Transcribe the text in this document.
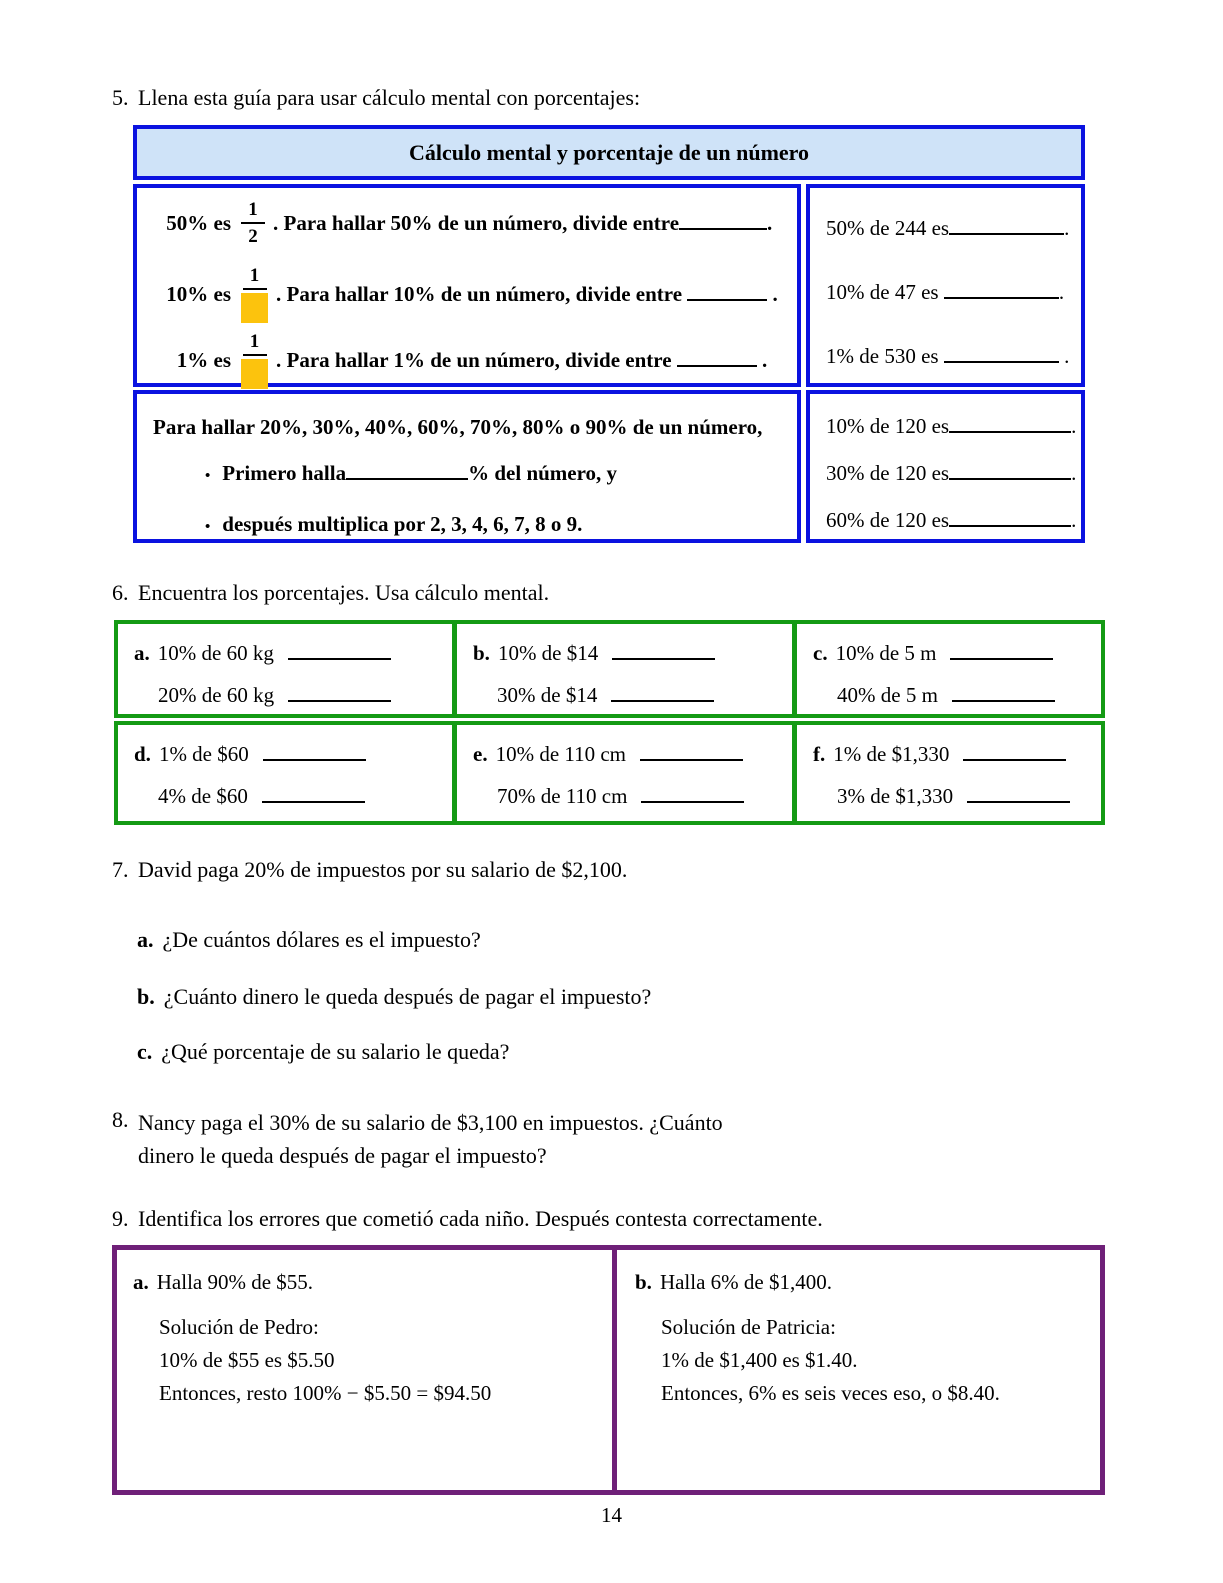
5. Llena esta guía para usar cálculo mental con porcentajes:
Cálculo mental y porcentaje de un número
50% es $\frac{1}{2}$ . Para hallar 50% de un número, divide entre	.
10% es
1
. Para hallar 10% de un número, divide entre	.
1% es
1
. Para hallar 1% de un número, divide entre	.
50% de 244 es	.
10% de 47 es	.
1% de 530 es	.
Para hallar 20%, 30%, 40%, 60%, 70%, 80% o 90% de un número,
• Primero halla	% del número, y
• después multiplica por 2, 3, 4, 6, 7, 8 o 9.
10% de 120 es	.
30% de 120 es	.
60% de 120 es	.
6. Encuentra los porcentajes. Usa cálculo mental.
a. 10% de 60 kg
20% de 60 kg
b. 10% de $14
30% de $14
c. 10% de 5 m
40% de 5 m
d. 1% de $60
4% de $60
e. 10% de 110 cm
70% de 110 cm
f. 1% de $1,330
3% de $1,330
7. David paga 20% de impuestos por su salario de $2,100.
a. ¿De cuántos dólares es el impuesto?
b. ¿Cuánto dinero le queda después de pagar el impuesto?
c. ¿Qué porcentaje de su salario le queda?
8. Nancy paga el 30% de su salario de $3,100 en impuestos. ¿Cuánto
dinero le queda después de pagar el impuesto?
9. Identifica los errores que cometió cada niño. Después contesta correctamente.
a. Halla 90% de $55.
Solución de Pedro:
10% de $55 es $5.50
Entonces, resto 100% − $5.50 = $94.50
b. Halla 6% de $1,400.
Solución de Patricia:
1% de $1,400 es $1.40.
Entonces, 6% es seis veces eso, o $8.40.
14
